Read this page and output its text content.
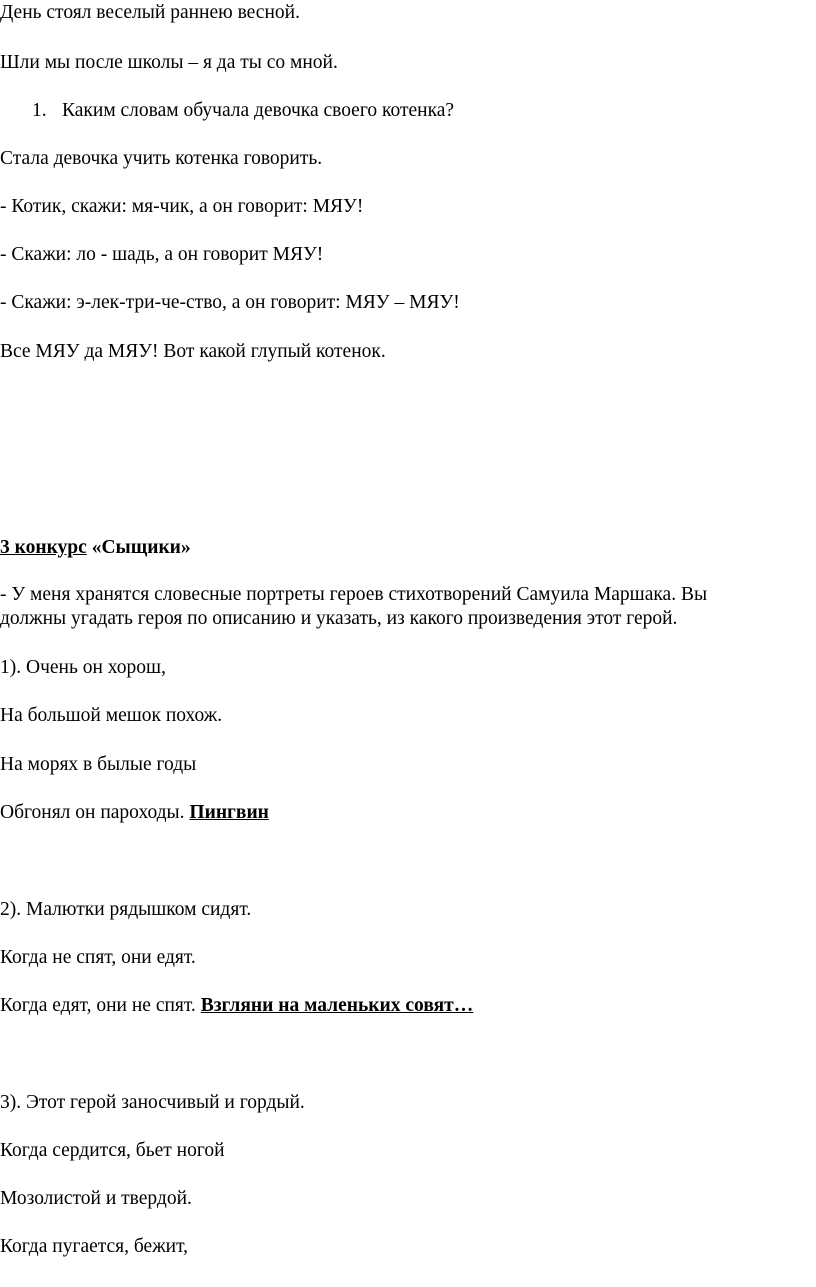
День стоял веселый раннею весной.

Шли мы после школы – я да ты со мной.

1. Каким словам обучала девочка своего котенка?

Стала девочка учить котенка говорить.

- Котик, скажи: мя-чик, а он говорит: МЯУ!

- Скажи: ло - шадь, а он говорит МЯУ!

- Скажи: э-лек-три-че-ство, а он говорит: МЯУ – МЯУ!

Все МЯУ да МЯУ! Вот какой глупый котенок.

3 конкурс «Сыщики»

- У меня хранятся словесные портреты героев стихотворений Самуила Маршака. Вы

должны угадать героя по описанию и указать, из какого произведения этот герой.

1). Очень он хорош,

На большой мешок похож.

На морях в былые годы

Обгонял он пароходы. Пингвин

2). Малютки рядышком сидят.

Когда не спят, они едят.

Когда едят, они не спят. Взгляни на маленьких совят…

3). Этот герой заносчивый и гордый.

Когда сердится, бьет ногой

Мозолистой и твердой.

Когда пугается, бежит,
